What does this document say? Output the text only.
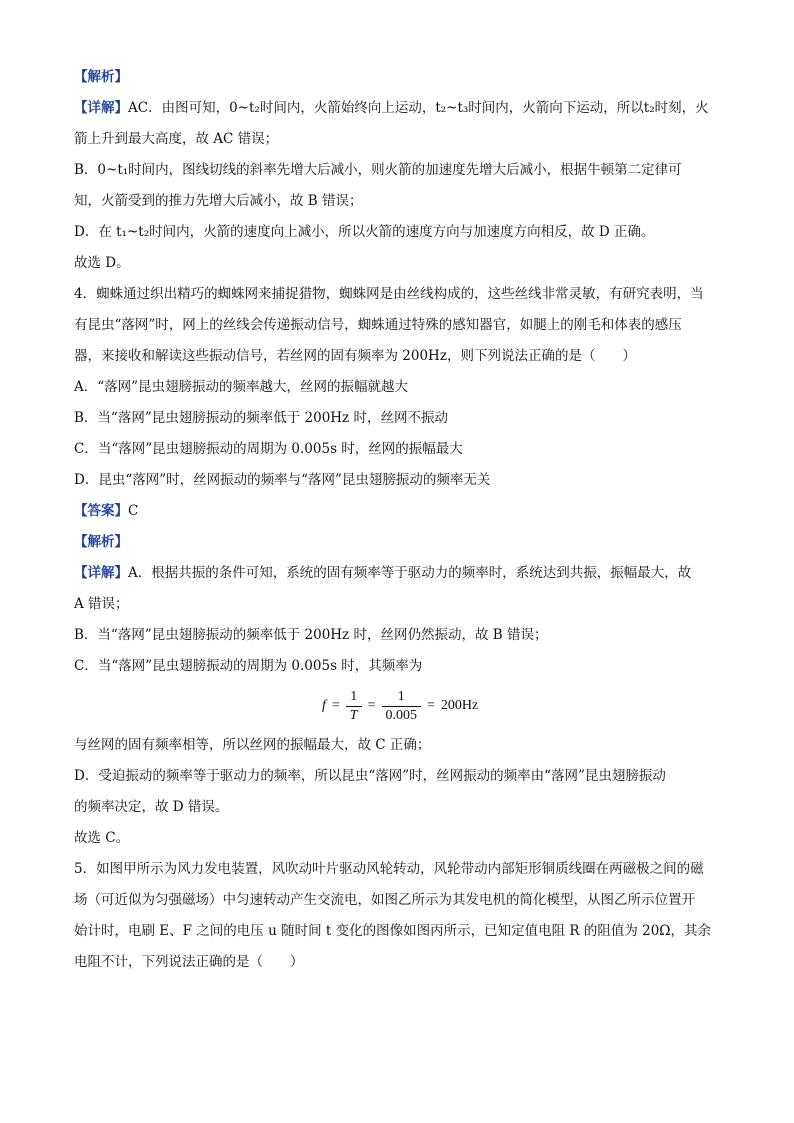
【解析】
【详解】AC．由图可知，0~t₂时间内，火箭始终向上运动，t₂~t₃时间内，火箭向下运动，所以t₂时刻，火
箭上升到最大高度，故 AC 错误；
B．0~t₁时间内，图线切线的斜率先增大后减小，则火箭的加速度先增大后减小，根据牛顿第二定律可
知，火箭受到的推力先增大后减小，故 B 错误；
D．在 t₁~t₂时间内，火箭的速度向上减小，所以火箭的速度方向与加速度方向相反，故 D 正确。
故选 D。
4．蜘蛛通过织出精巧的蜘蛛网来捕捉猎物，蜘蛛网是由丝线构成的，这些丝线非常灵敏，有研究表明，当
有昆虫“落网”时，网上的丝线会传递振动信号，蜘蛛通过特殊的感知器官，如腿上的刚毛和体表的感压
器，来接收和解读这些振动信号，若丝网的固有频率为 200Hz，则下列说法正确的是（　　）
A．“落网”昆虫翅膀振动的频率越大，丝网的振幅就越大
B．当“落网”昆虫翅膀振动的频率低于 200Hz 时，丝网不振动
C．当“落网”昆虫翅膀振动的周期为 0.005s 时，丝网的振幅最大
D．昆虫“落网”时，丝网振动的频率与“落网”昆虫翅膀振动的频率无关
【答案】C
【解析】
【详解】A．根据共振的条件可知，系统的固有频率等于驱动力的频率时，系统达到共振，振幅最大，故
A 错误；
B．当“落网”昆虫翅膀振动的频率低于 200Hz 时，丝网仍然振动，故 B 错误；
C．当“落网”昆虫翅膀振动的周期为 0.005s 时，其频率为
$f = \frac{1}{T} = \frac{1}{0.005} = 200Hz$
与丝网的固有频率相等，所以丝网的振幅最大，故 C 正确；
D．受迫振动的频率等于驱动力的频率，所以昆虫“落网”时，丝网振动的频率由“落网”昆虫翅膀振动
的频率决定，故 D 错误。
故选 C。
5．如图甲所示为风力发电装置，风吹动叶片驱动风轮转动，风轮带动内部矩形铜质线圈在两磁极之间的磁
场（可近似为匀强磁场）中匀速转动产生交流电，如图乙所示为其发电机的简化模型，从图乙所示位置开
始计时，电刷 E、F 之间的电压 u 随时间 t 变化的图像如图丙所示，已知定值电阻 R 的阻值为 20Ω，其余
电阻不计，下列说法正确的是（　　）
